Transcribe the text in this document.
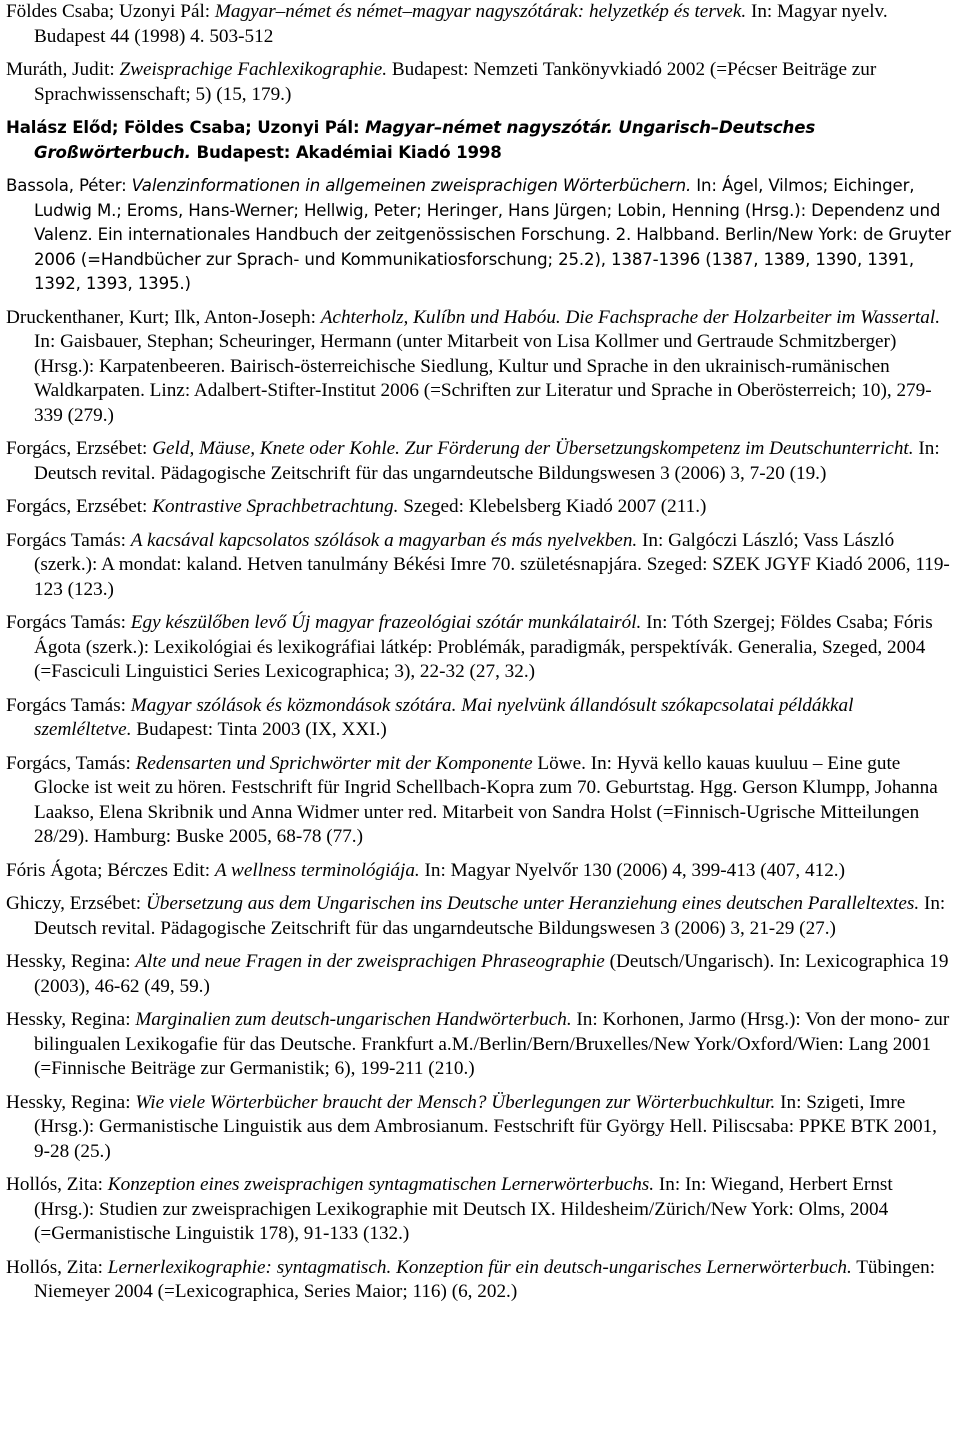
Földes Csaba; Uzonyi Pál: Magyar–német és német–magyar nagyszótárak: helyzetkép és tervek. In: Magyar nyelv. Budapest 44 (1998) 4. 503-512

Muráth, Judit: Zweisprachige Fachlexikographie. Budapest: Nemzeti Tankönyvkiadó 2002 (=Pécser Beiträge zur Sprachwissenschaft; 5) (15, 179.)

Halász Előd; Földes Csaba; Uzonyi Pál: Magyar–német nagyszótár. Ungarisch–Deutsches Großwörterbuch. Budapest: Akadémiai Kiadó 1998

Bassola, Péter: Valenzinformationen in allgemeinen zweisprachigen Wörterbüchern. In: Ágel, Vilmos; Eichinger, Ludwig M.; Eroms, Hans-Werner; Hellwig, Peter; Heringer, Hans Jürgen; Lobin, Henning (Hrsg.): Dependenz und Valenz. Ein internationales Handbuch der zeitgenössischen Forschung. 2. Halbband. Berlin/New York: de Gruyter 2006 (=Handbücher zur Sprach- und Kommunikatiosforschung; 25.2), 1387-1396 (1387, 1389, 1390, 1391, 1392, 1393, 1395.)

Druckenthaner, Kurt; Ilk, Anton-Joseph: Achterholz, Kulíbn und Habóu. Die Fachsprache der Holzarbeiter im Wassertal. In: Gaisbauer, Stephan; Scheuringer, Hermann (unter Mitarbeit von Lisa Kollmer und Gertraude Schmitzberger) (Hrsg.): Karpatenbeeren. Bairisch-österreichische Siedlung, Kultur und Sprache in den ukrainisch-rumänischen Waldkarpaten. Linz: Adalbert-Stifter-Institut 2006 (=Schriften zur Literatur und Sprache in Oberösterreich; 10), 279-339 (279.)

Forgács, Erzsébet: Geld, Mäuse, Knete oder Kohle. Zur Förderung der Übersetzungskompetenz im Deutschunterricht. In: Deutsch revital. Pädagogische Zeitschrift für das ungarndeutsche Bildungswesen 3 (2006) 3, 7-20 (19.)

Forgács, Erzsébet: Kontrastive Sprachbetrachtung. Szeged: Klebelsberg Kiadó 2007 (211.)

Forgács Tamás: A kacsával kapcsolatos szólások a magyarban és más nyelvekben. In: Galgóczi László; Vass László (szerk.): A mondat: kaland. Hetven tanulmány Békési Imre 70. születésnapjára. Szeged: SZEK JGYF Kiadó 2006, 119-123 (123.)

Forgács Tamás: Egy készülőben levő Új magyar frazeológiai szótár munkálatairól. In: Tóth Szergej; Földes Csaba; Fóris Ágota (szerk.): Lexikológiai és lexikográfiai látkép: Problémák, paradigmák, perspektívák. Generalia, Szeged, 2004 (=Fasciculi Linguistici Series Lexicographica; 3), 22-32 (27, 32.)

Forgács Tamás: Magyar szólások és közmondások szótára. Mai nyelvünk állandósult szókapcsolatai példákkal szemléltetve. Budapest: Tinta 2003 (IX, XXI.)

Forgács, Tamás: Redensarten und Sprichwörter mit der Komponente Löwe. In: Hyvä kello kauas kuuluu – Eine gute Glocke ist weit zu hören. Festschrift für Ingrid Schellbach-Kopra zum 70. Geburtstag. Hgg. Gerson Klumpp, Johanna Laakso, Elena Skribnik und Anna Widmer unter red. Mitarbeit von Sandra Holst (=Finnisch-Ugrische Mitteilungen 28/29). Hamburg: Buske 2005, 68-78 (77.)

Fóris Ágota; Bérczes Edit: A wellness terminológiája. In: Magyar Nyelvőr 130 (2006) 4, 399-413 (407, 412.)

Ghiczy, Erzsébet: Übersetzung aus dem Ungarischen ins Deutsche unter Heranziehung eines deutschen Paralleltextes. In: Deutsch revital. Pädagogische Zeitschrift für das ungarndeutsche Bildungswesen 3 (2006) 3, 21-29 (27.)

Hessky, Regina: Alte und neue Fragen in der zweisprachigen Phraseographie (Deutsch/Ungarisch). In: Lexicographica 19 (2003), 46-62 (49, 59.)

Hessky, Regina: Marginalien zum deutsch-ungarischen Handwörterbuch. In: Korhonen, Jarmo (Hrsg.): Von der mono- zur bilingualen Lexikogafie für das Deutsche. Frankfurt a.M./Berlin/Bern/Bruxelles/New York/Oxford/Wien: Lang 2001 (=Finnische Beiträge zur Germanistik; 6), 199-211 (210.)

Hessky, Regina: Wie viele Wörterbücher braucht der Mensch? Überlegungen zur Wörterbuchkultur. In: Szigeti, Imre (Hrsg.): Germanistische Linguistik aus dem Ambrosianum. Festschrift für György Hell. Piliscsaba: PPKE BTK 2001, 9-28 (25.)

Hollós, Zita: Konzeption eines zweisprachigen syntagmatischen Lernerwörterbuchs. In: In: Wiegand, Herbert Ernst (Hrsg.): Studien zur zweisprachigen Lexikographie mit Deutsch IX. Hildesheim/Zürich/New York: Olms, 2004 (=Germanistische Linguistik 178), 91-133 (132.)

Hollós, Zita: Lernerlexikographie: syntagmatisch. Konzeption für ein deutsch-ungarisches Lernerwörterbuch. Tübingen: Niemeyer 2004 (=Lexicographica, Series Maior; 116) (6, 202.)
